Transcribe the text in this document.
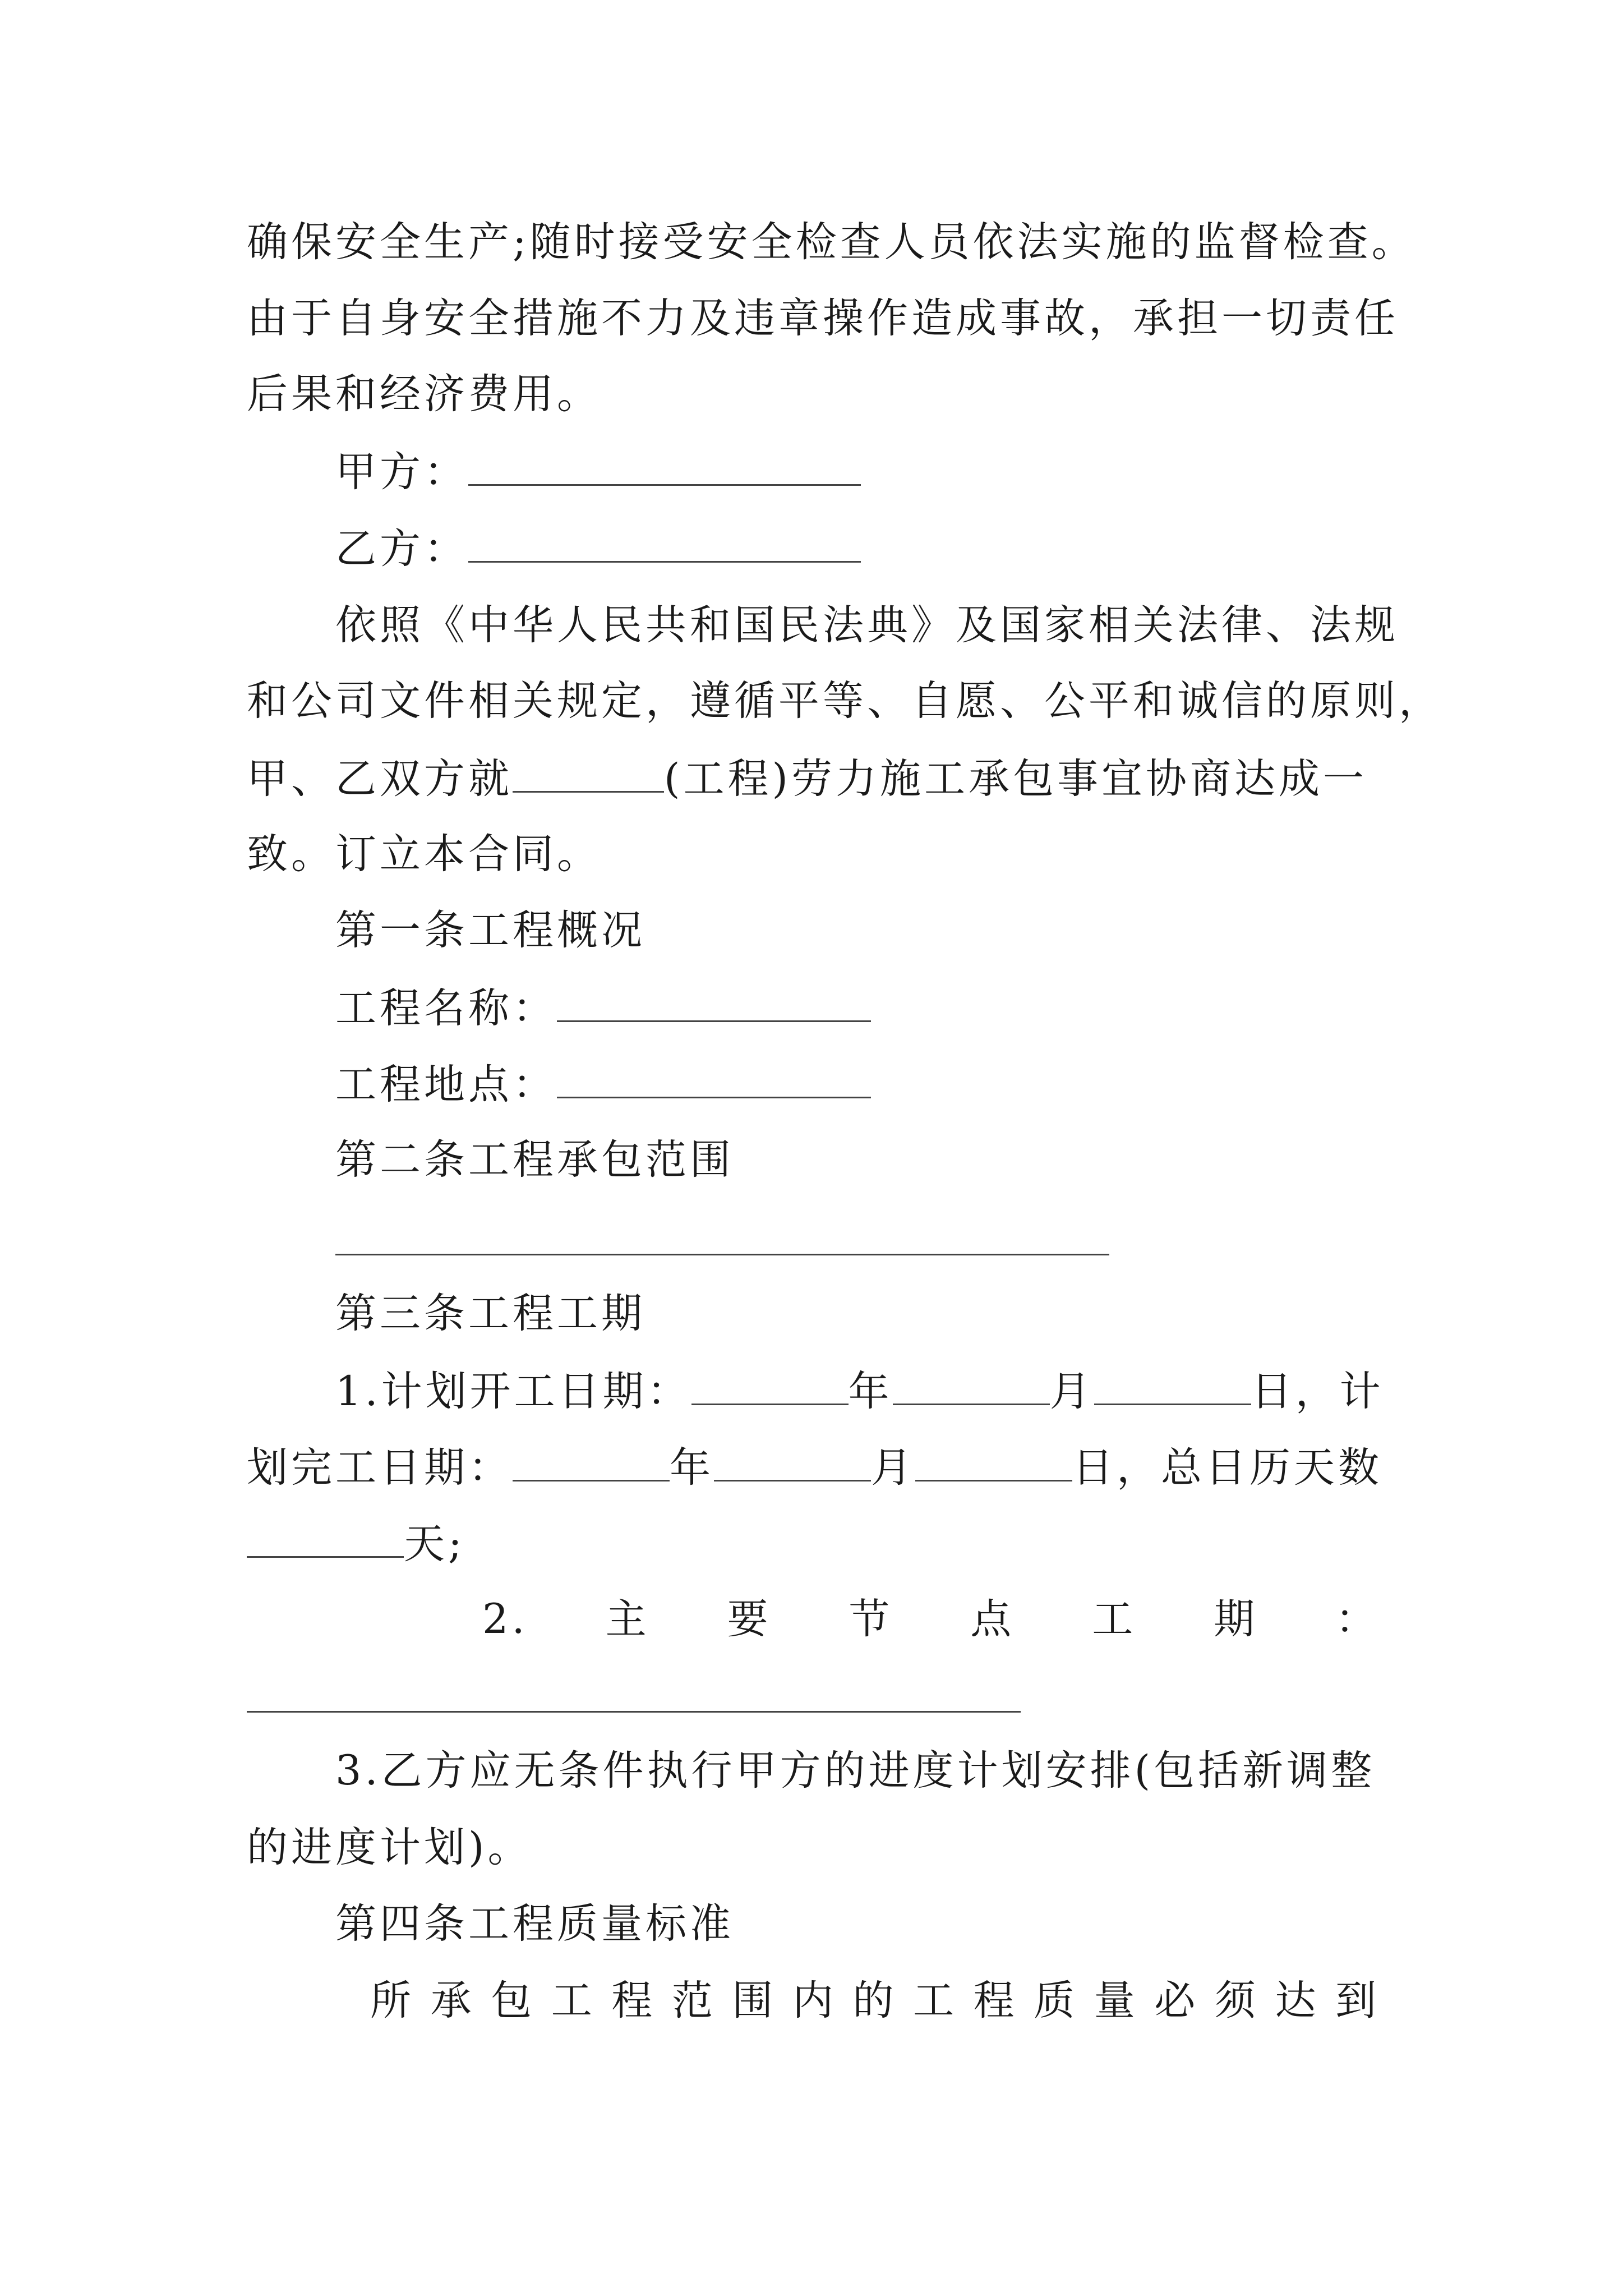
确保安全生产;随时接受安全检查人员依法实施的监督检查。
由于自身安全措施不力及违章操作造成事故，承担一切责任
后果和经济费用。
甲方：
乙方：
依照《中华人民共和国民法典》及国家相关法律、法规
和公司文件相关规定，遵循平等、自愿、公平和诚信的原则，
甲、乙双方就	(工程)劳力施工承包事宜协商达成一
致。订立本合同。
第一条工程概况
工程名称：
工程地点：
第二条工程承包范围
第三条工程工期
1.计划开工日期：	年	月	日，计
划完工日期：	年	月	日，总日历天数
天;
2. 主 要 节 点 工 期 ：
3.乙方应无条件执行甲方的进度计划安排(包括新调整
的进度计划)。
第四条工程质量标准
所 承 包 工 程 范 围 内 的 工 程 质 量 必 须 达 到
